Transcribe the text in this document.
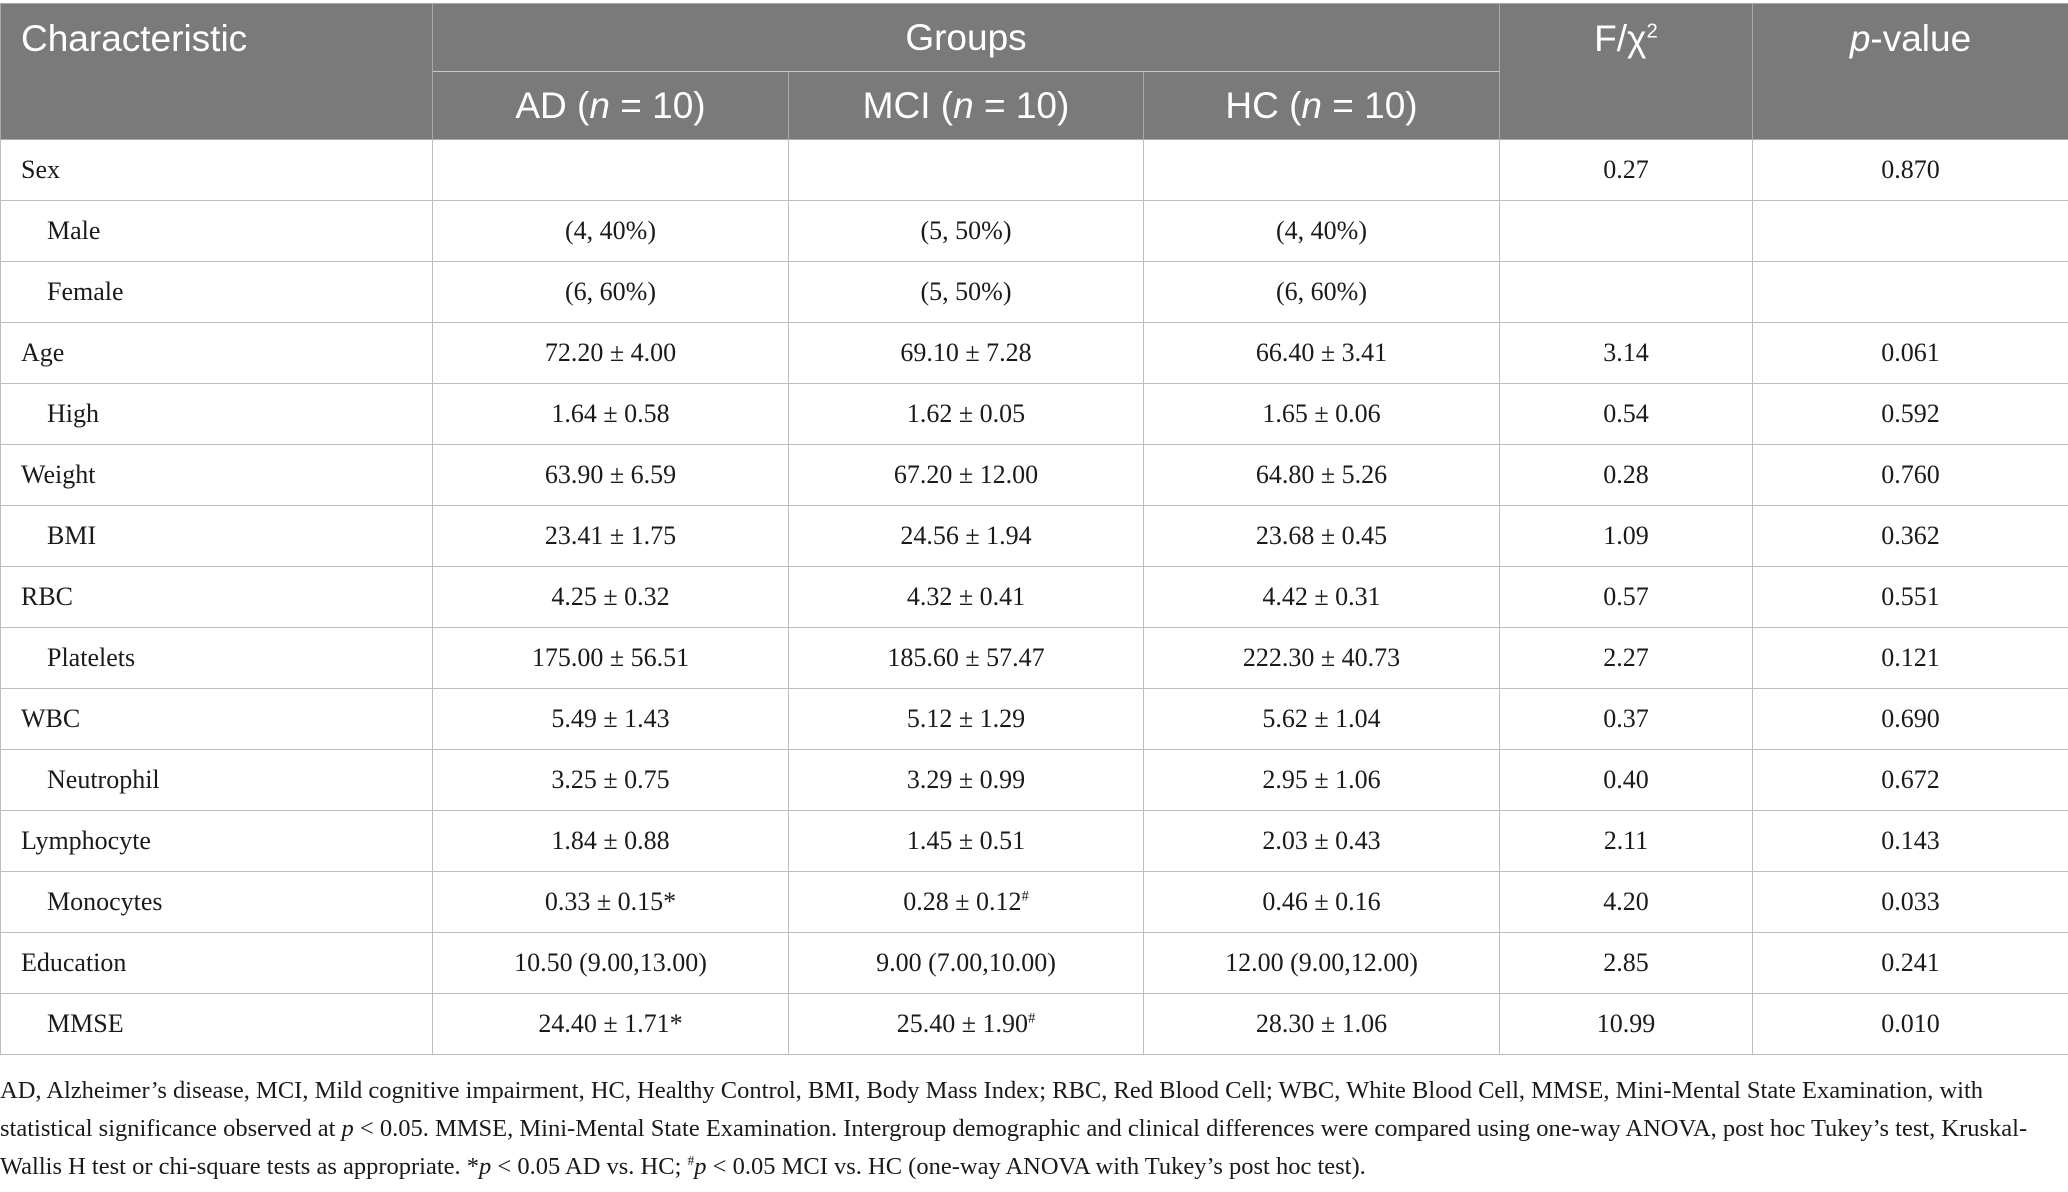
Characteristic	Groups			$F/\chi^2$	p-value
	AD (n = 10)	MCI (n = 10)	HC (n = 10)		
Sex				0.27	0.870
Male	(4, 40%)	(5, 50%)	(4, 40%)		
Female	(6, 60%)	(5, 50%)	(6, 60%)		
Age	72.20 ± 4.00	69.10 ± 7.28	66.40 ± 3.41	3.14	0.061
High	1.64 ± 0.58	1.62 ± 0.05	1.65 ± 0.06	0.54	0.592
Weight	63.90 ± 6.59	67.20 ± 12.00	64.80 ± 5.26	0.28	0.760
BMI	23.41 ± 1.75	24.56 ± 1.94	23.68 ± 0.45	1.09	0.362
RBC	4.25 ± 0.32	4.32 ± 0.41	4.42 ± 0.31	0.57	0.551
Platelets	175.00 ± 56.51	185.60 ± 57.47	222.30 ± 40.73	2.27	0.121
WBC	5.49 ± 1.43	5.12 ± 1.29	5.62 ± 1.04	0.37	0.690
Neutrophil	3.25 ± 0.75	3.29 ± 0.99	2.95 ± 1.06	0.40	0.672
Lymphocyte	1.84 ± 0.88	1.45 ± 0.51	2.03 ± 0.43	2.11	0.143
Monocytes	0.33 ± 0.15*	0.28 ± 0.12#	0.46 ± 0.16	4.20	0.033
Education	10.50 (9.00,13.00)	9.00 (7.00,10.00)	12.00 (9.00,12.00)	2.85	0.241
MMSE	24.40 ± 1.71*	25.40 ± 1.90#	28.30 ± 1.06	10.99	0.010

AD, Alzheimer’s disease, MCI, Mild cognitive impairment, HC, Healthy Control, BMI, Body Mass Index; RBC, Red Blood Cell; WBC, White Blood Cell, MMSE, Mini-Mental State Examination, with statistical significance observed at p < 0.05. MMSE, Mini-Mental State Examination. Intergroup demographic and clinical differences were compared using one-way ANOVA, post hoc Tukey’s test, Kruskal-Wallis H test or chi-square tests as appropriate. *p < 0.05 AD vs. HC; #p < 0.05 MCI vs. HC (one-way ANOVA with Tukey’s post hoc test).
